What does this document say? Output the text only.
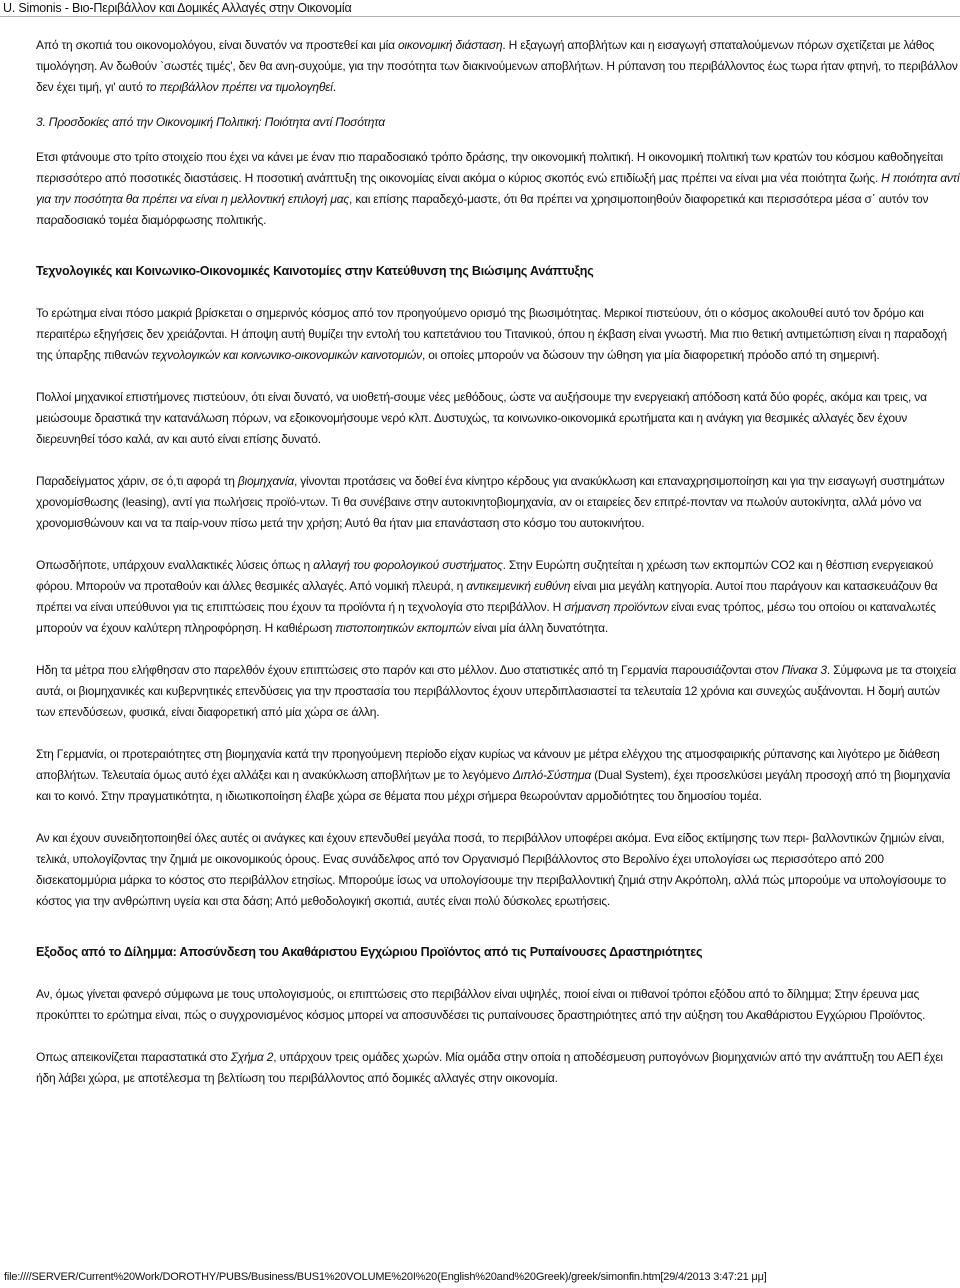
U. Simonis - Βιο-Περιβάλλον και Δομικές Αλλαγές στην Οικονομία

Από τη σκοπιά του οικονομολόγου, είναι δυνατόν να προστεθεί και μία οικονομική διάσταση. Η εξαγωγή αποβλήτων και η εισαγωγή σπαταλούμενων πόρων σχετίζεται με λάθος τιμολόγηση. Αν δωθούν `σωστές τιμές', δεν θα ανη-συχούμε, για την ποσότητα των διακινούμενων αποβλήτων. Η ρύπανση του περιβάλλοντος έως τωρα ήταν φτηνή, το περιβάλλον δεν έχει τιμή, γι' αυτό το περιβάλλον πρέπει να τιμολογηθεί.

3. Προσδοκίες από την Οικονομική Πολιτική: Ποιότητα αντί Ποσότητα

Ετσι φτάνουμε στο τρίτο στοιχείο που έχει να κάνει με έναν πιο παραδοσιακό τρόπο δράσης, την οικονομική πολιτική. Η οικονομική πολιτική των κρατών του κόσμου καθοδηγείται περισσότερο από ποσοτικές διαστάσεις. Η ποσοτική ανάπτυξη της οικονομίας είναι ακόμα ο κύριος σκοπός ενώ επιδίωξή μας πρέπει να είναι μια νέα ποιότητα ζωής. Η ποιότητα αντί για την ποσότητα θα πρέπει να είναι η μελλοντική επιλογή μας, και επίσης παραδεχό-μαστε, ότι θα πρέπει να χρησιμοποιηθούν διαφορετικά και περισσότερα μέσα σ΄ αυτόν τον παραδοσιακό τομέα διαμόρφωσης πολιτικής.

Τεχνολογικές και Κοινωνικο-Οικονομικές Καινοτομίες στην Κατεύθυνση της Βιώσιμης Ανάπτυξης

Το ερώτημα είναι πόσο μακριά βρίσκεται ο σημερινός κόσμος από τον προηγούμενο ορισμό της βιωσιμότητας. Μερικοί πιστεύουν, ότι ο κόσμος ακολουθεί αυτό τον δρόμο και περαιτέρω εξηγήσεις δεν χρειάζονται. Η άποψη αυτή θυμίζει την εντολή του καπετάνιου του Τιτανικού, όπου η έκβαση είναι γνωστή. Μια πιο θετική αντιμετώπιση είναι η παραδοχή της ύπαρξης πιθανών τεχνολογικών και κοινωνικο-οικονομικών καινοτομιών, οι οποίες μπορούν να δώσουν την ώθηση για μία διαφορετική πρόοδο από τη σημερινή.

Πολλοί μηχανικοί επιστήμονες πιστεύουν, ότι είναι δυνατό, να υιοθετή-σουμε νέες μεθόδους, ώστε να αυξήσουμε την ενεργειακή απόδοση κατά δύο φορές, ακόμα και τρεις, να μειώσουμε δραστικά την κατανάλωση πόρων, να εξοικονομήσουμε νερό κλπ. Δυστυχώς, τα κοινωνικο-οικονομικά ερωτήματα και η ανάγκη για θεσμικές αλλαγές δεν έχουν διερευνηθεί τόσο καλά, αν και αυτό είναι επίσης δυνατό.

Παραδείγματος χάριν, σε ό,τι αφορά τη βιομηχανία, γίνονται προτάσεις να δοθεί ένα κίνητρο κέρδους για ανακύκλωση και επαναχρησιμοποίηση και για την εισαγωγή συστημάτων χρονομίσθωσης (leasing), αντί για πωλήσεις προϊό-ντων. Τι θα συνέβαινε στην αυτοκινητοβιομηχανία, αν οι εταιρείες δεν επιτρέ-πονταν να πωλούν αυτοκίνητα, αλλά μόνο να χρονομισθώνουν και να τα παίρ-νουν πίσω μετά την χρήση; Αυτό θα ήταν μια επανάσταση στο κόσμο του αυτοκινήτου.

Οπωσδήποτε, υπάρχουν εναλλακτικές λύσεις όπως η αλλαγή του φορολογικού συστήματος. Στην Ευρώπη συζητείται η χρέωση των εκπομπών CO2 και η θέσπιση ενεργειακού φόρου. Μπορούν να προταθούν και άλλες θεσμικές αλλαγές. Από νομική πλευρά, η αντικειμενική ευθύνη είναι μια μεγάλη κατηγορία. Αυτοί που παράγουν και κατασκευάζουν θα πρέπει να είναι υπεύθυνοι για τις επιπτώσεις που έχουν τα προϊόντα ή η τεχνολογία στο περιβάλλον. Η σήμανση προϊόντων είναι ενας τρόπος, μέσω του οποίου οι καταναλωτές μπορούν να έχουν καλύτερη πληροφόρηση. Η καθιέρωση πιστοποιητικών εκπομπών είναι μία άλλη δυνατότητα.

Ηδη τα μέτρα που ελήφθησαν στο παρελθόν έχουν επιπτώσεις στο παρόν και στο μέλλον. Δυο στατιστικές από τη Γερμανία παρουσιάζονται στον Πίνακα 3. Σύμφωνα με τα στοιχεία αυτά, οι βιομηχανικές και κυβερνητικές επενδύσεις για την προστασία του περιβάλλοντος έχουν υπερδιπλασιαστεί τα τελευταία 12 χρόνια και συνεχώς αυξάνονται. Η δομή αυτών των επενδύσεων, φυσικά, είναι διαφορετική από μία χώρα σε άλλη.

Στη Γερμανία, οι προτεραιότητες στη βιομηχανία κατά την προηγούμενη περίοδο είχαν κυρίως να κάνουν με μέτρα ελέγχου της ατμοσφαιρικής ρύπανσης και λιγότερο με διάθεση αποβλήτων. Τελευταία όμως αυτό έχει αλλάξει και η ανακύκλωση αποβλήτων με το λεγόμενο Διπλό-Σύστημα (Dual System), έχει προσελκύσει μεγάλη προσοχή από τη βιομηχανία και το κοινό. Στην πραγματικότητα, η ιδιωτικοποίηση έλαβε χώρα σε θέματα που μέχρι σήμερα θεωρούνταν αρμοδιότητες του δημοσίου τομέα.

Αν και έχουν συνειδητοποιηθεί όλες αυτές οι ανάγκες και έχουν επενδυθεί μεγάλα ποσά, το περιβάλλον υποφέρει ακόμα. Ενα είδος εκτίμησης των περι- βαλλοντικών ζημιών είναι, τελικά, υπολογίζοντας την ζημιά με οικονομικούς όρους. Ενας συνάδελφος από τον Οργανισμό Περιβάλλοντος στο Βερολίνο έχει υπολογίσει ως περισσότερο από 200 δισεκατομμύρια μάρκα το κόστος στο περιβάλλον ετησίως. Μπορούμε ίσως να υπολογίσουμε την περιβαλλοντική ζημιά στην Ακρόπολη, αλλά πώς μπορούμε να υπολογίσουμε το κόστος για την ανθρώπινη υγεία και στα δάση; Από μεθοδολογική σκοπιά, αυτές είναι πολύ δύσκολες ερωτήσεις.

Εξοδος από το Δίλημμα: Αποσύνδεση του Ακαθάριστου Εγχώριου Προϊόντος από τις Ρυπαίνουσες Δραστηριότητες

Αν, όμως γίνεται φανερό σύμφωνα με τους υπολογισμούς, οι επιπτώσεις στο περιβάλλον είναι υψηλές, ποιοί είναι οι πιθανοί τρόποι εξόδου από το δίλημμα; Στην έρευνα μας προκύπτει το ερώτημα είναι, πώς ο συγχρονισμένος κόσμος μπορεί να αποσυνδέσει τις ρυπαίνουσες δραστηριότητες από την αύξηση του Ακαθάριστου Εγχώριου Προϊόντος.

Οπως απεικονίζεται παραστατικά στο Σχήμα 2, υπάρχουν τρεις ομάδες χωρών. Μία ομάδα στην οποία η αποδέσμευση ρυπογόνων βιομηχανιών από την ανάπτυξη του ΑΕΠ έχει ήδη λάβει χώρα, με αποτέλεσμα τη βελτίωση του περιβάλλοντος από δομικές αλλαγές στην οικονομία.

file:////SERVER/Current%20Work/DOROTHY/PUBS/Business/BUS1%20VOLUME%20I%20(English%20and%20Greek)/greek/simonfin.htm[29/4/2013 3:47:21 μμ]
